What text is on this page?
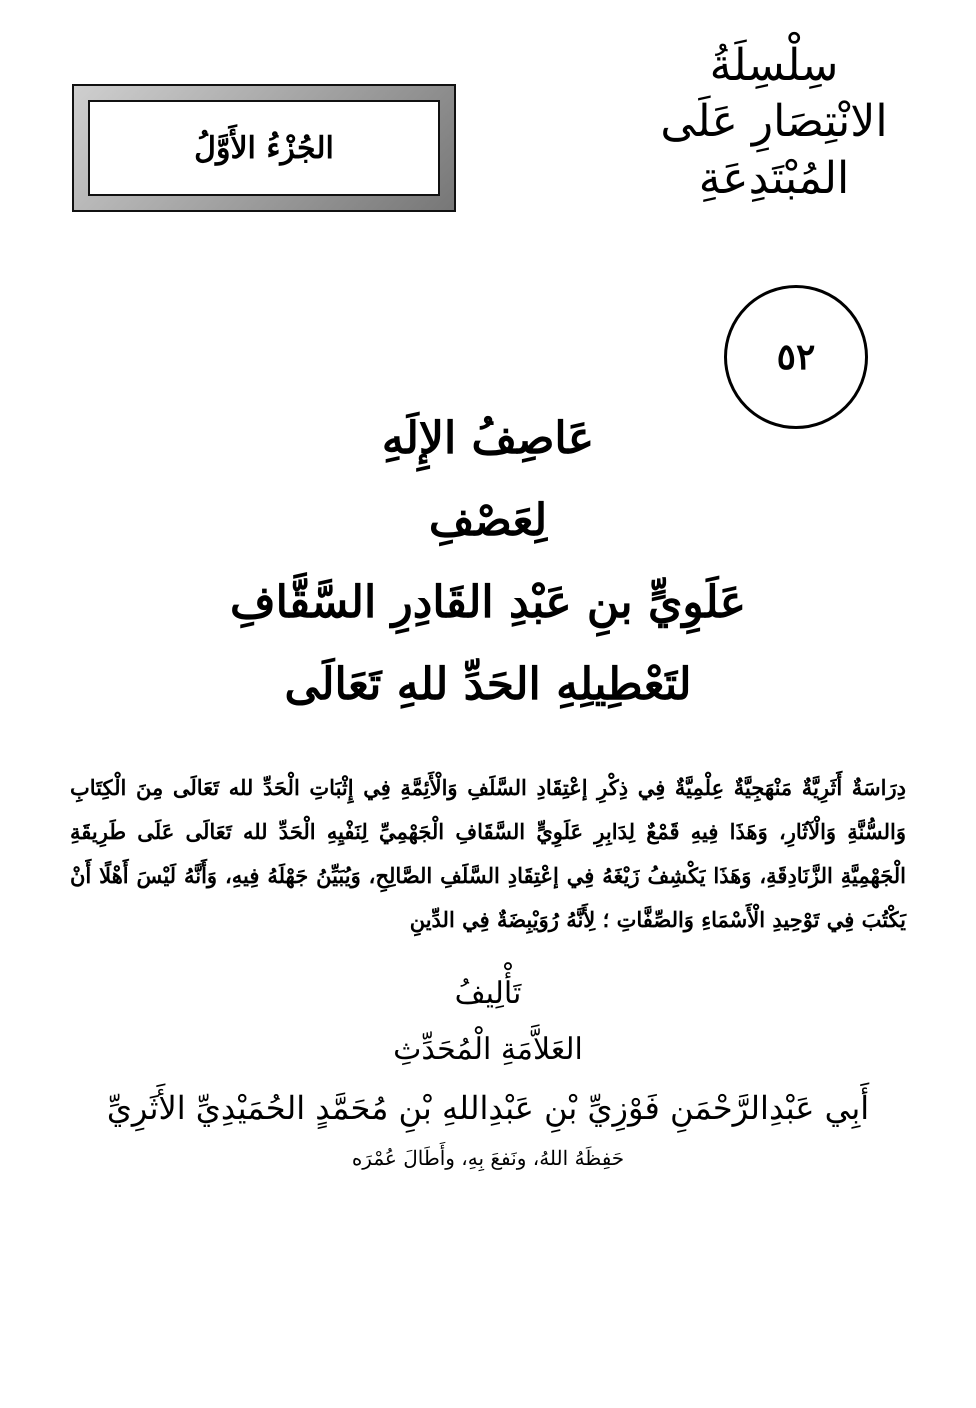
سِلْسِلَةُ
الانْتِصَارِ عَلَى المُبْتَدِعَةِ
الجُزْءُ الأَوَّلُ
٥٢
عَاصِفُ الإِلَهِ
لِعَصْفِ
عَلَوِيٍّ بنِ عَبْدِ القَادِرِ السَّقَّافِ
لتَعْطِيلِهِ الحَدِّ للهِ تَعَالَى
دِرَاسَةٌ أَثَرِيَّةٌ مَنْهَجِيَّةٌ عِلْمِيَّةٌ فِي ذِكْرِ إعْتِقَادِ السَّلَفِ وَالْأَئِمَّةِ فِي إِثْبَاتِ الْحَدِّ لله تَعَالَى مِنَ الْكِتَابِ وَالسُّنَّةِ وَالْآثَارِ، وَهَذَا فِيهِ قَمْعٌ لِدَابِرِ عَلَوِيٍّ السَّقَافِ الْجَهْمِيِّ لِنَفْيِهِ الْحَدِّ لله تَعَالَى عَلَى طَرِيقَةِ الْجَهْمِيَّةِ الزَّنَادِقَةِ، وَهَذَا يَكْشِفُ زَيْغَهُ فِي إعْتِقَادِ السَّلَفِ الصَّالِحِ، وَيُبَيِّنُ جَهْلَهُ فِيهِ، وَأَنَّهُ لَيْسَ أَهْلًا أَنْ يَكْتُبَ فِي تَوْحِيدِ الْأَسْمَاءِ وَالصِّفَّاتِ ؛ لِأَنَّهُ رُوَيْبِضَةٌ فِي الدِّينِ
تَأْلِيفُ
العَلاَّمَةِ الْمُحَدِّثِ
أَبِي عَبْدِالرَّحْمَنِ فَوْزِيِّ بْنِ عَبْدِاللهِ بْنِ مُحَمَّدٍ الحُمَيْدِيِّ الأَثَرِيِّ
حَفِظَهُ اللهُ، ونَفعَ بِهِ، وأَطَالَ عُمْرَه
